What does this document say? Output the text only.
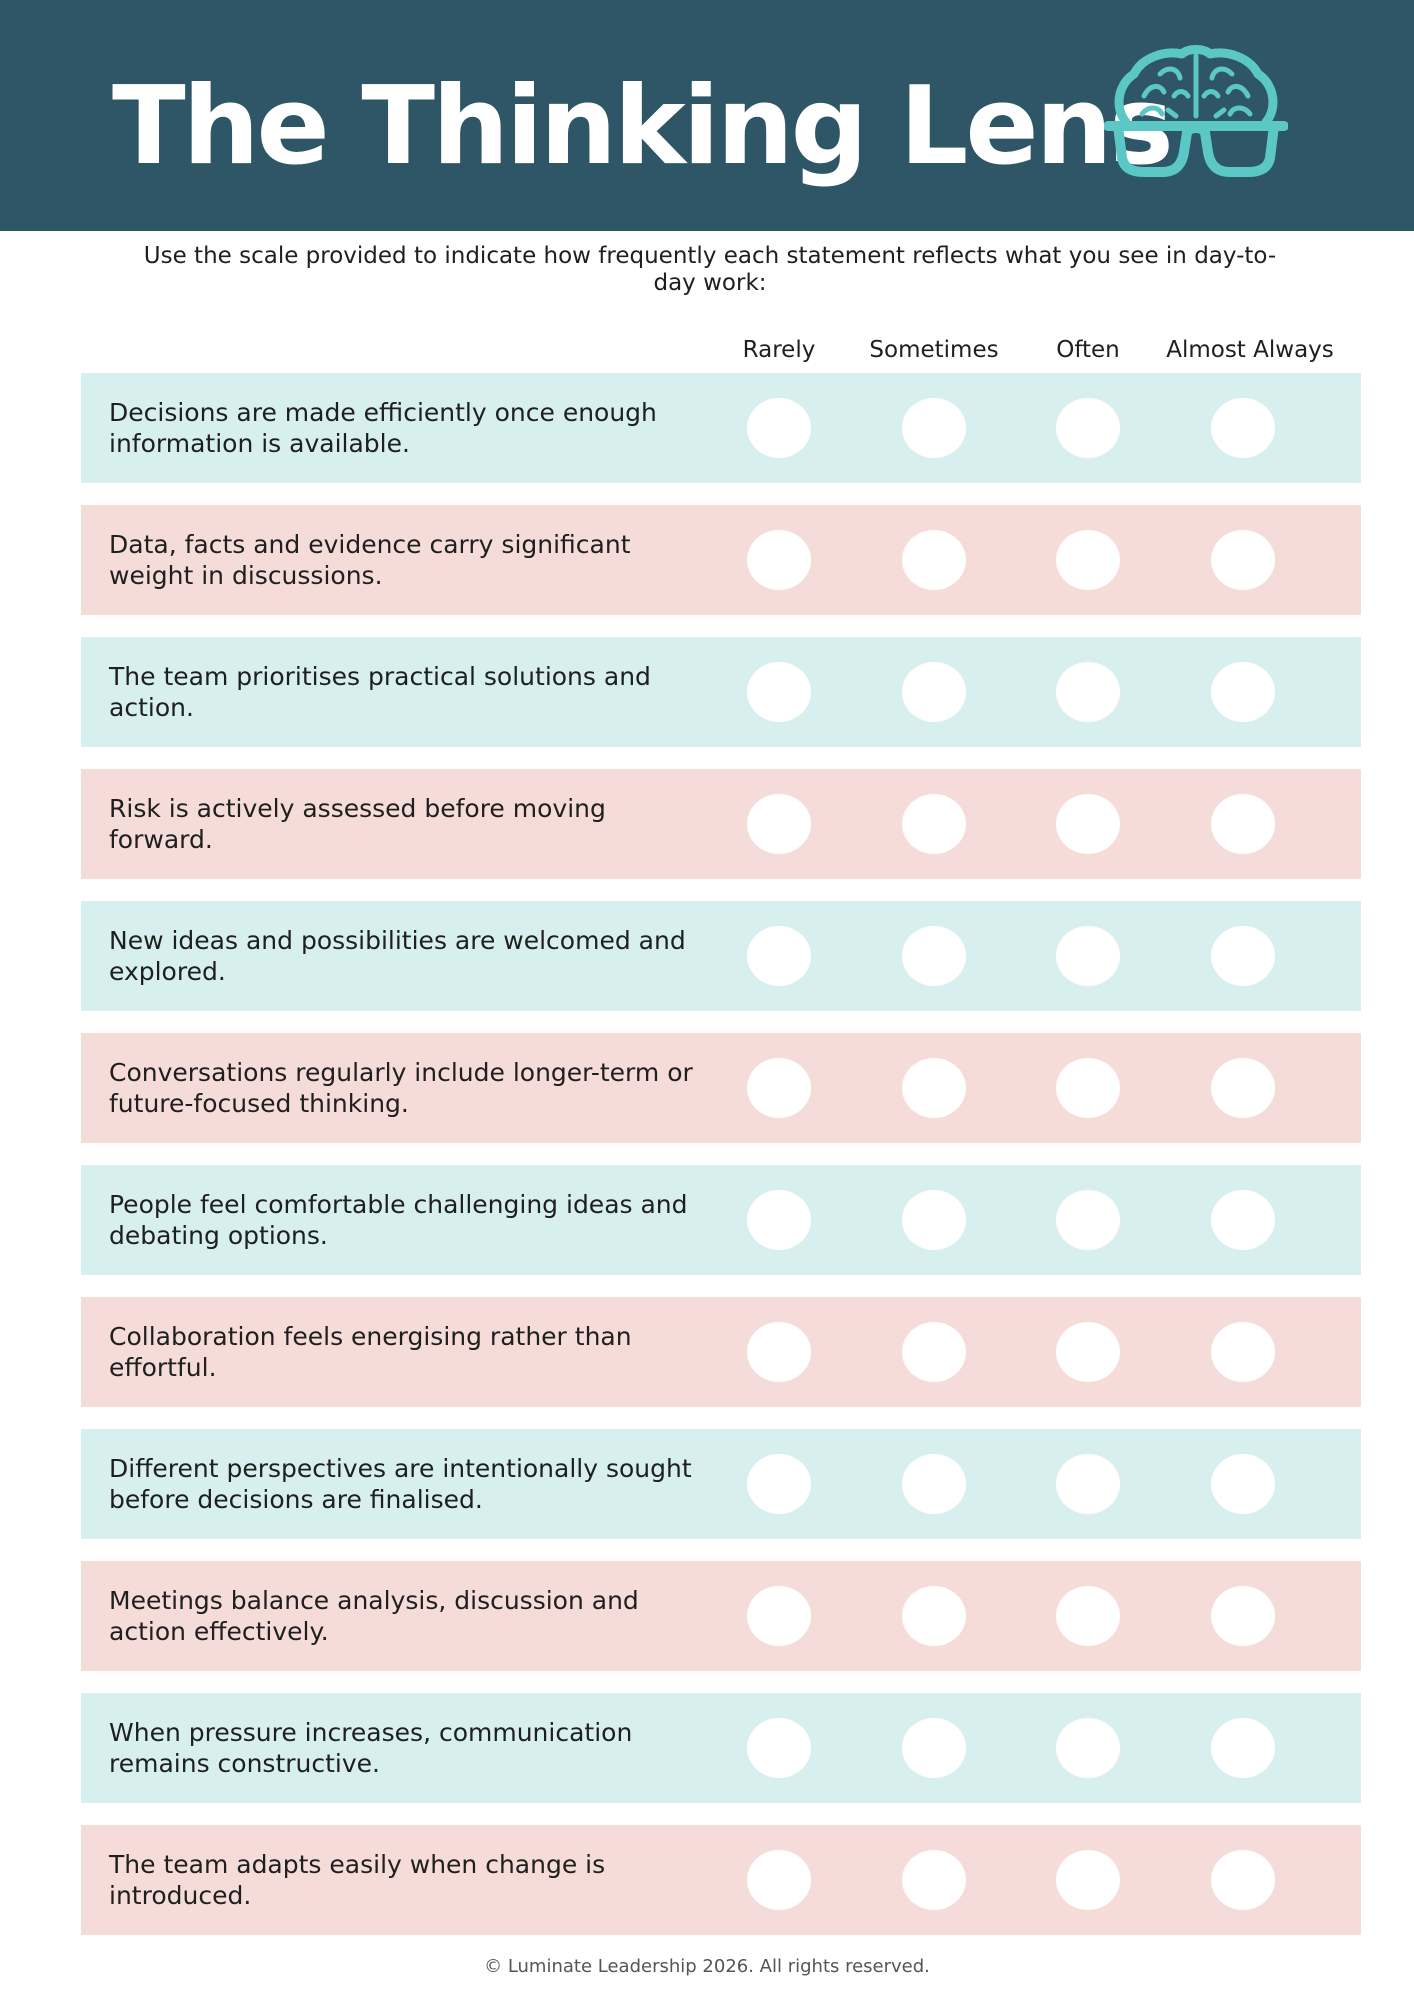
The Thinking Lens

Use the scale provided to indicate how frequently each statement reflects what you see in day-to-day work:

Rarely	Sometimes	Often	Almost Always
Decisions are made efficiently once enough information is available.
Data, facts and evidence carry significant weight in discussions.
The team prioritises practical solutions and action.
Risk is actively assessed before moving forward.
New ideas and possibilities are welcomed and explored.
Conversations regularly include longer-term or future-focused thinking.
People feel comfortable challenging ideas and debating options.
Collaboration feels energising rather than effortful.
Different perspectives are intentionally sought before decisions are finalised.
Meetings balance analysis, discussion and action effectively.
When pressure increases, communication remains constructive.
The team adapts easily when change is introduced.
© Luminate Leadership 2026. All rights reserved.
